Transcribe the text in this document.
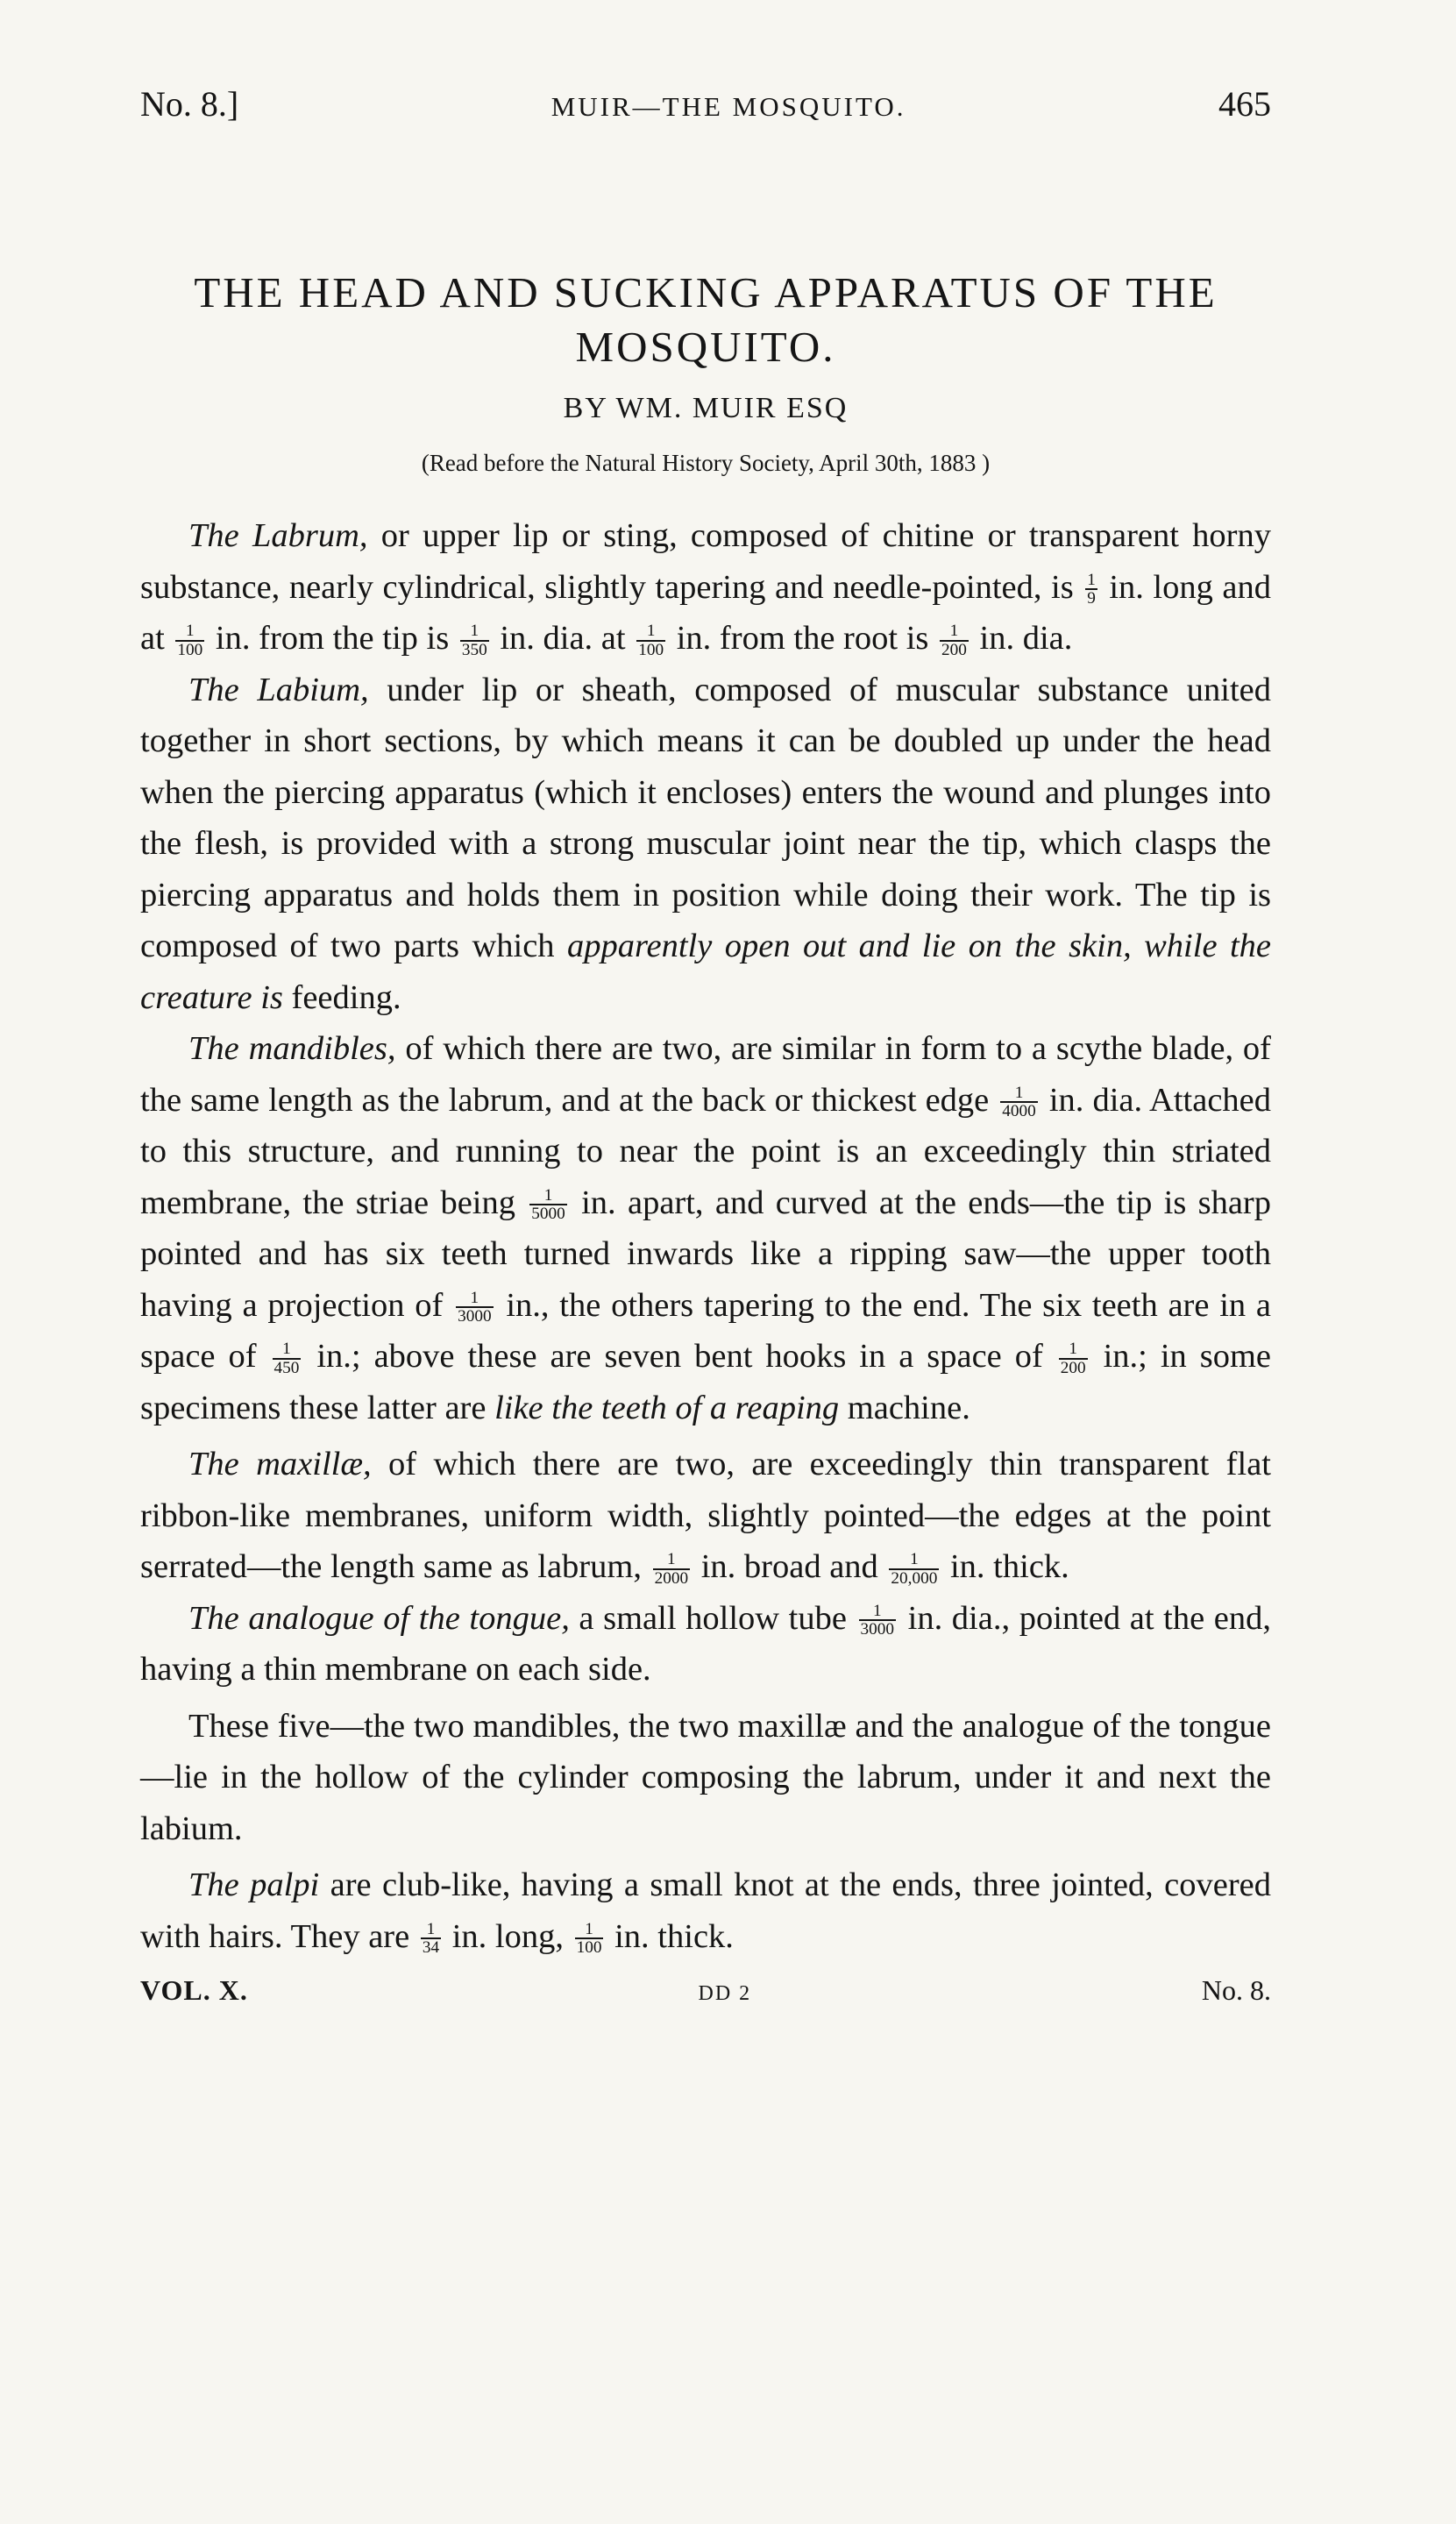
No. 8.]	MUIR—THE MOSQUITO.	465
THE HEAD AND SUCKING APPARATUS OF THE
MOSQUITO.
BY WM. MUIR ESQ
(Read before the Natural History Society, April 30th, 1883 )

The Labrum, or upper lip or sting, composed of chitine or transparent horny substance, nearly cylindrical, slightly tapering and needle-pointed, is $\frac{1}{9}$ in. long and at $\frac{1}{100}$ in. from the tip is $\frac{1}{350}$ in. dia. at $\frac{1}{100}$ in. from the root is $\frac{1}{200}$ in. dia.

The Labium, under lip or sheath, composed of muscular substance united together in short sections, by which means it can be doubled up under the head when the piercing apparatus (which it encloses) enters the wound and plunges into the flesh, is provided with a strong muscular joint near the tip, which clasps the piercing apparatus and holds them in position while doing their work. The tip is composed of two parts which apparently open out and lie on the skin, while the creature is feeding.

The mandibles, of which there are two, are similar in form to a scythe blade, of the same length as the labrum, and at the back or thickest edge $\frac{1}{4000}$ in. dia. Attached to this structure, and running to near the point is an exceedingly thin striated membrane, the striae being $\frac{1}{5000}$ in. apart, and curved at the ends—the tip is sharp pointed and has six teeth turned inwards like a ripping saw—the upper tooth having a projection of $\frac{1}{3000}$ in., the others tapering to the end. The six teeth are in a space of $\frac{1}{450}$ in.; above these are seven bent hooks in a space of $\frac{1}{200}$ in.; in some specimens these latter are like the teeth of a reaping machine.

The maxillæ, of which there are two, are exceedingly thin transparent flat ribbon-like membranes, uniform width, slightly pointed—the edges at the point serrated—the length same as labrum, $\frac{1}{2000}$ in. broad and $\frac{1}{20,000}$ in. thick.

The analogue of the tongue, a small hollow tube $\frac{1}{3000}$ in. dia., pointed at the end, having a thin membrane on each side.

These five—the two mandibles, the two maxillæ and the analogue of the tongue—lie in the hollow of the cylinder composing the labrum, under it and next the labium.

The palpi are club-like, having a small knot at the ends, three jointed, covered with hairs. They are $\frac{1}{34}$ in. long, $\frac{1}{100}$ in. thick.

VOL. X.	DD 2	No. 8.
